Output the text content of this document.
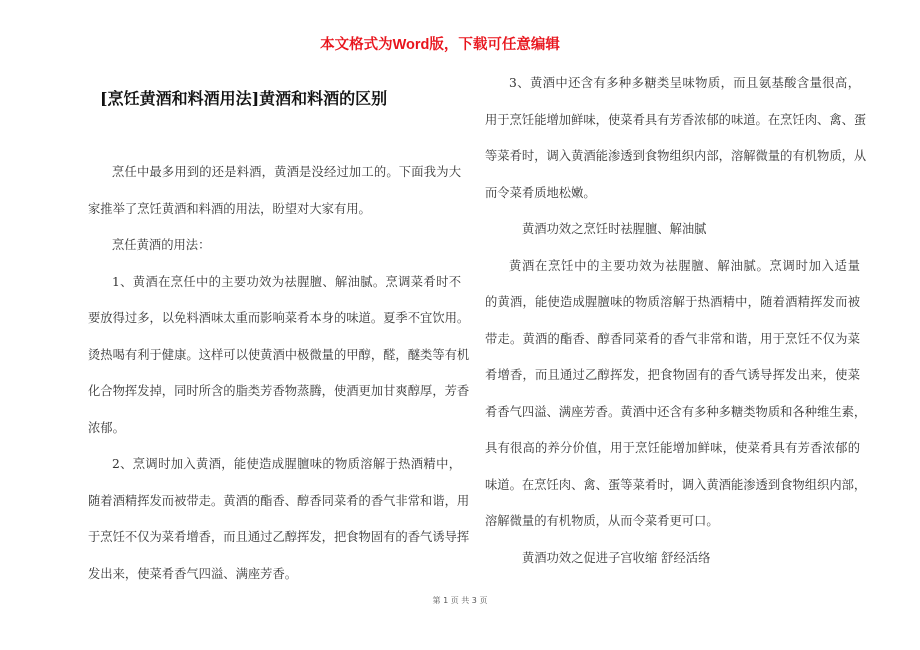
本文格式为Word版，下载可任意编辑
[烹饪黄酒和料酒用法]黄酒和料酒的区别
烹任中最多用到的还是料酒，黄酒是没经过加工的。下面我为大
家推举了烹饪黄酒和料酒的用法，盼望对大家有用。
烹任黄酒的用法：
1、黄酒在烹任中的主要功效为祛腥膻、解油腻。烹调菜肴时不
要放得过多，以免料酒味太重而影响菜肴本身的味道。夏季不宜饮用。
烫热喝有利于健康。这样可以使黄酒中极微量的甲醇，醛，醚类等有机
化合物挥发掉，同时所含的脂类芳香物蒸腾，使酒更加甘爽醇厚，芳香
浓郁。
2、烹调时加入黄酒，能使造成腥膻味的物质溶解于热酒精中，
随着酒精挥发而被带走。黄酒的酯香、醇香同菜肴的香气非常和谐，用
于烹饪不仅为菜肴增香，而且通过乙醇挥发，把食物固有的香气诱导挥
发出来，使菜肴香气四溢、满座芳香。
3、黄酒中还含有多种多糖类呈味物质，而且氨基酸含量很高，
用于烹饪能增加鲜味，使菜肴具有芳香浓郁的味道。在烹饪肉、禽、蛋
等菜肴时，调入黄酒能渗透到食物组织内部，溶解微量的有机物质，从
而令菜肴质地松嫩。
黄酒功效之烹饪时祛腥膻、解油腻
黄酒在烹饪中的主要功效为祛腥膻、解油腻。烹调时加入适量
的黄酒，能使造成腥膻味的物质溶解于热酒精中，随着酒精挥发而被
带走。黄酒的酯香、醇香同菜肴的香气非常和谐，用于烹饪不仅为菜
肴增香，而且通过乙醇挥发，把食物固有的香气诱导挥发出来，使菜
肴香气四溢、满座芳香。黄酒中还含有多种多糖类物质和各种维生素，
具有很高的养分价值，用于烹饪能增加鲜味，使菜肴具有芳香浓郁的
味道。在烹饪肉、禽、蛋等菜肴时，调入黄酒能渗透到食物组织内部，
溶解微量的有机物质，从而令菜肴更可口。
黄酒功效之促进子宫收缩 舒经活络
第 1 页 共 3 页
